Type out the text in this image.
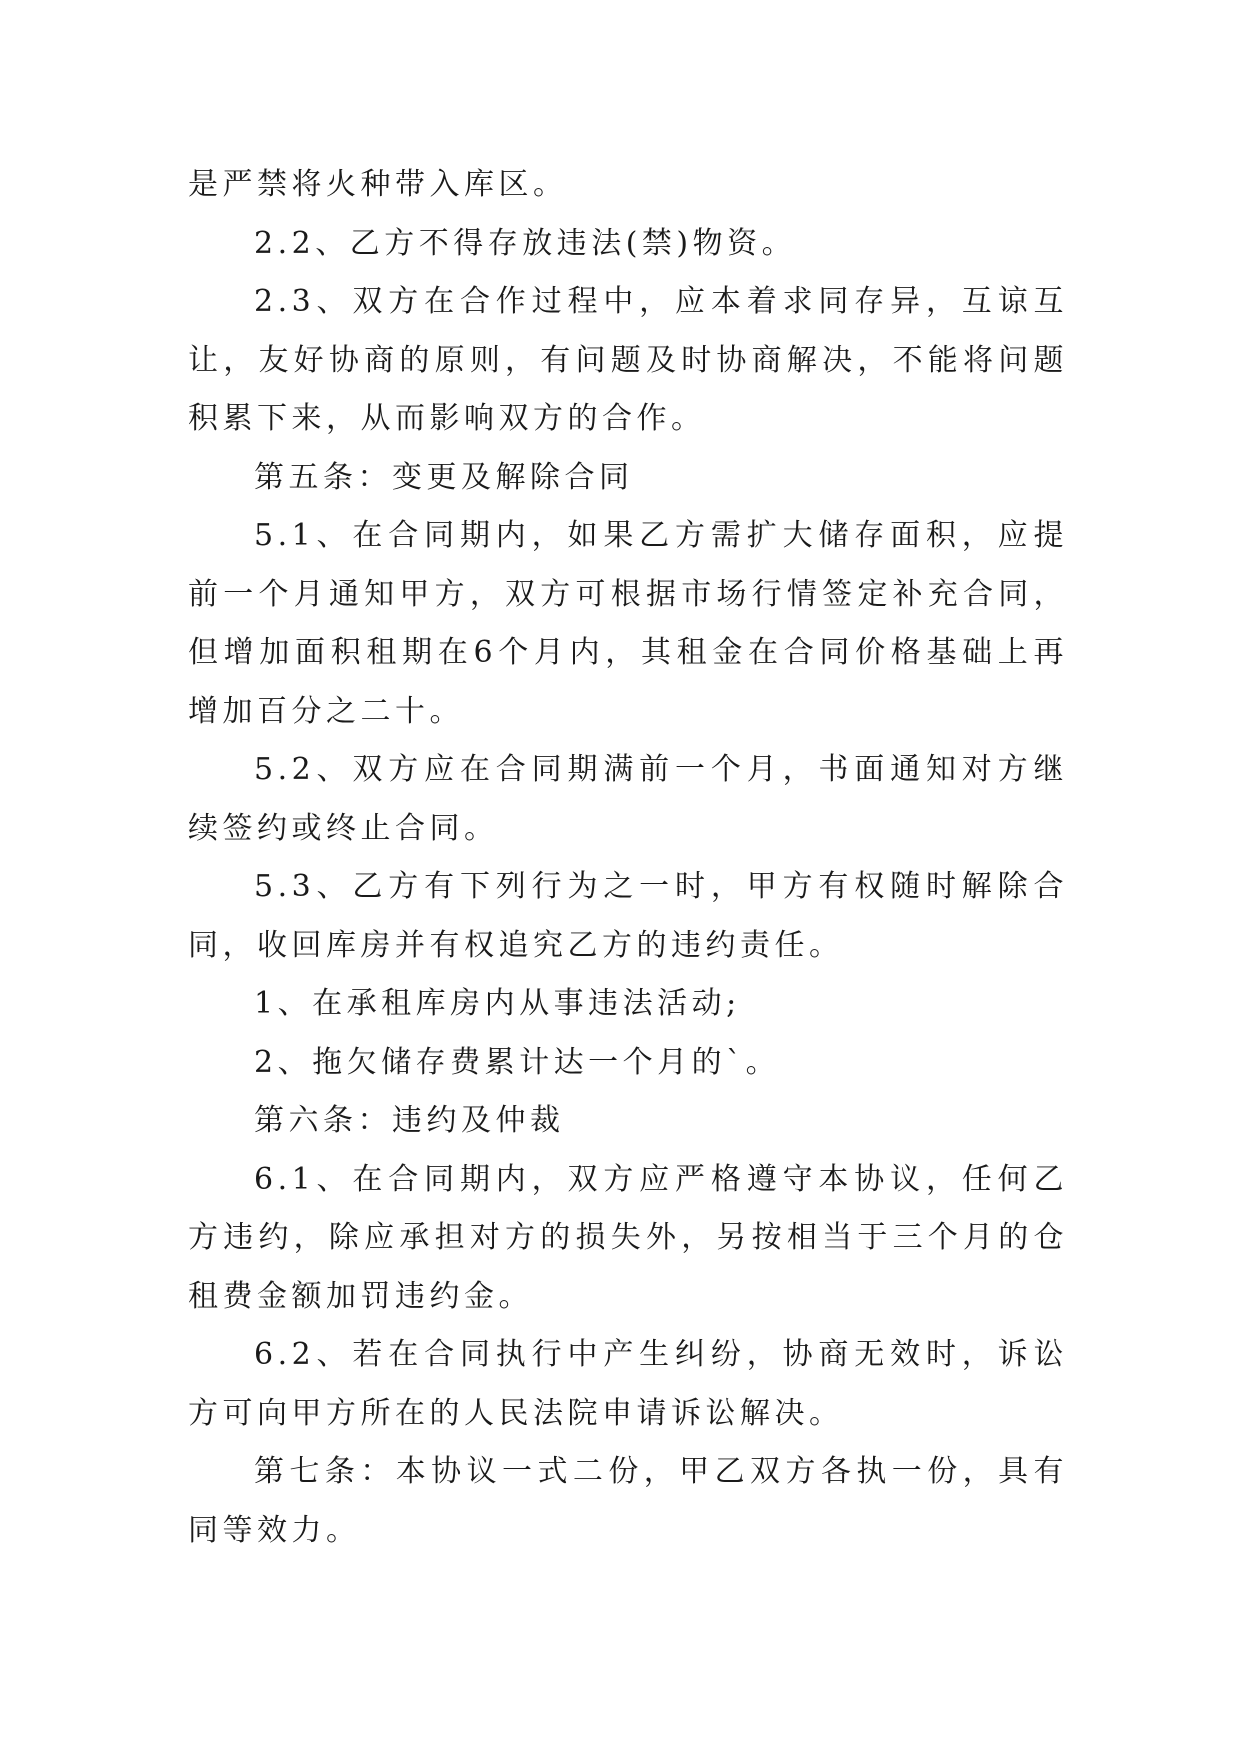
是严禁将火种带入库区。

2.2、乙方不得存放违法(禁)物资。

2.3、双方在合作过程中，应本着求同存异，互谅互让，友好协商的原则，有问题及时协商解决，不能将问题积累下来，从而影响双方的合作。

第五条：变更及解除合同

5.1、在合同期内，如果乙方需扩大储存面积，应提前一个月通知甲方，双方可根据市场行情签定补充合同，但增加面积租期在6个月内，其租金在合同价格基础上再增加百分之二十。

5.2、双方应在合同期满前一个月，书面通知对方继续签约或终止合同。

5.3、乙方有下列行为之一时，甲方有权随时解除合同，收回库房并有权追究乙方的违约责任。

1、在承租库房内从事违法活动;

2、拖欠储存费累计达一个月的`。

第六条：违约及仲裁

6.1、在合同期内，双方应严格遵守本协议，任何乙方违约，除应承担对方的损失外，另按相当于三个月的仓租费金额加罚违约金。

6.2、若在合同执行中产生纠纷，协商无效时，诉讼方可向甲方所在的人民法院申请诉讼解决。

第七条：本协议一式二份，甲乙双方各执一份，具有同等效力。
